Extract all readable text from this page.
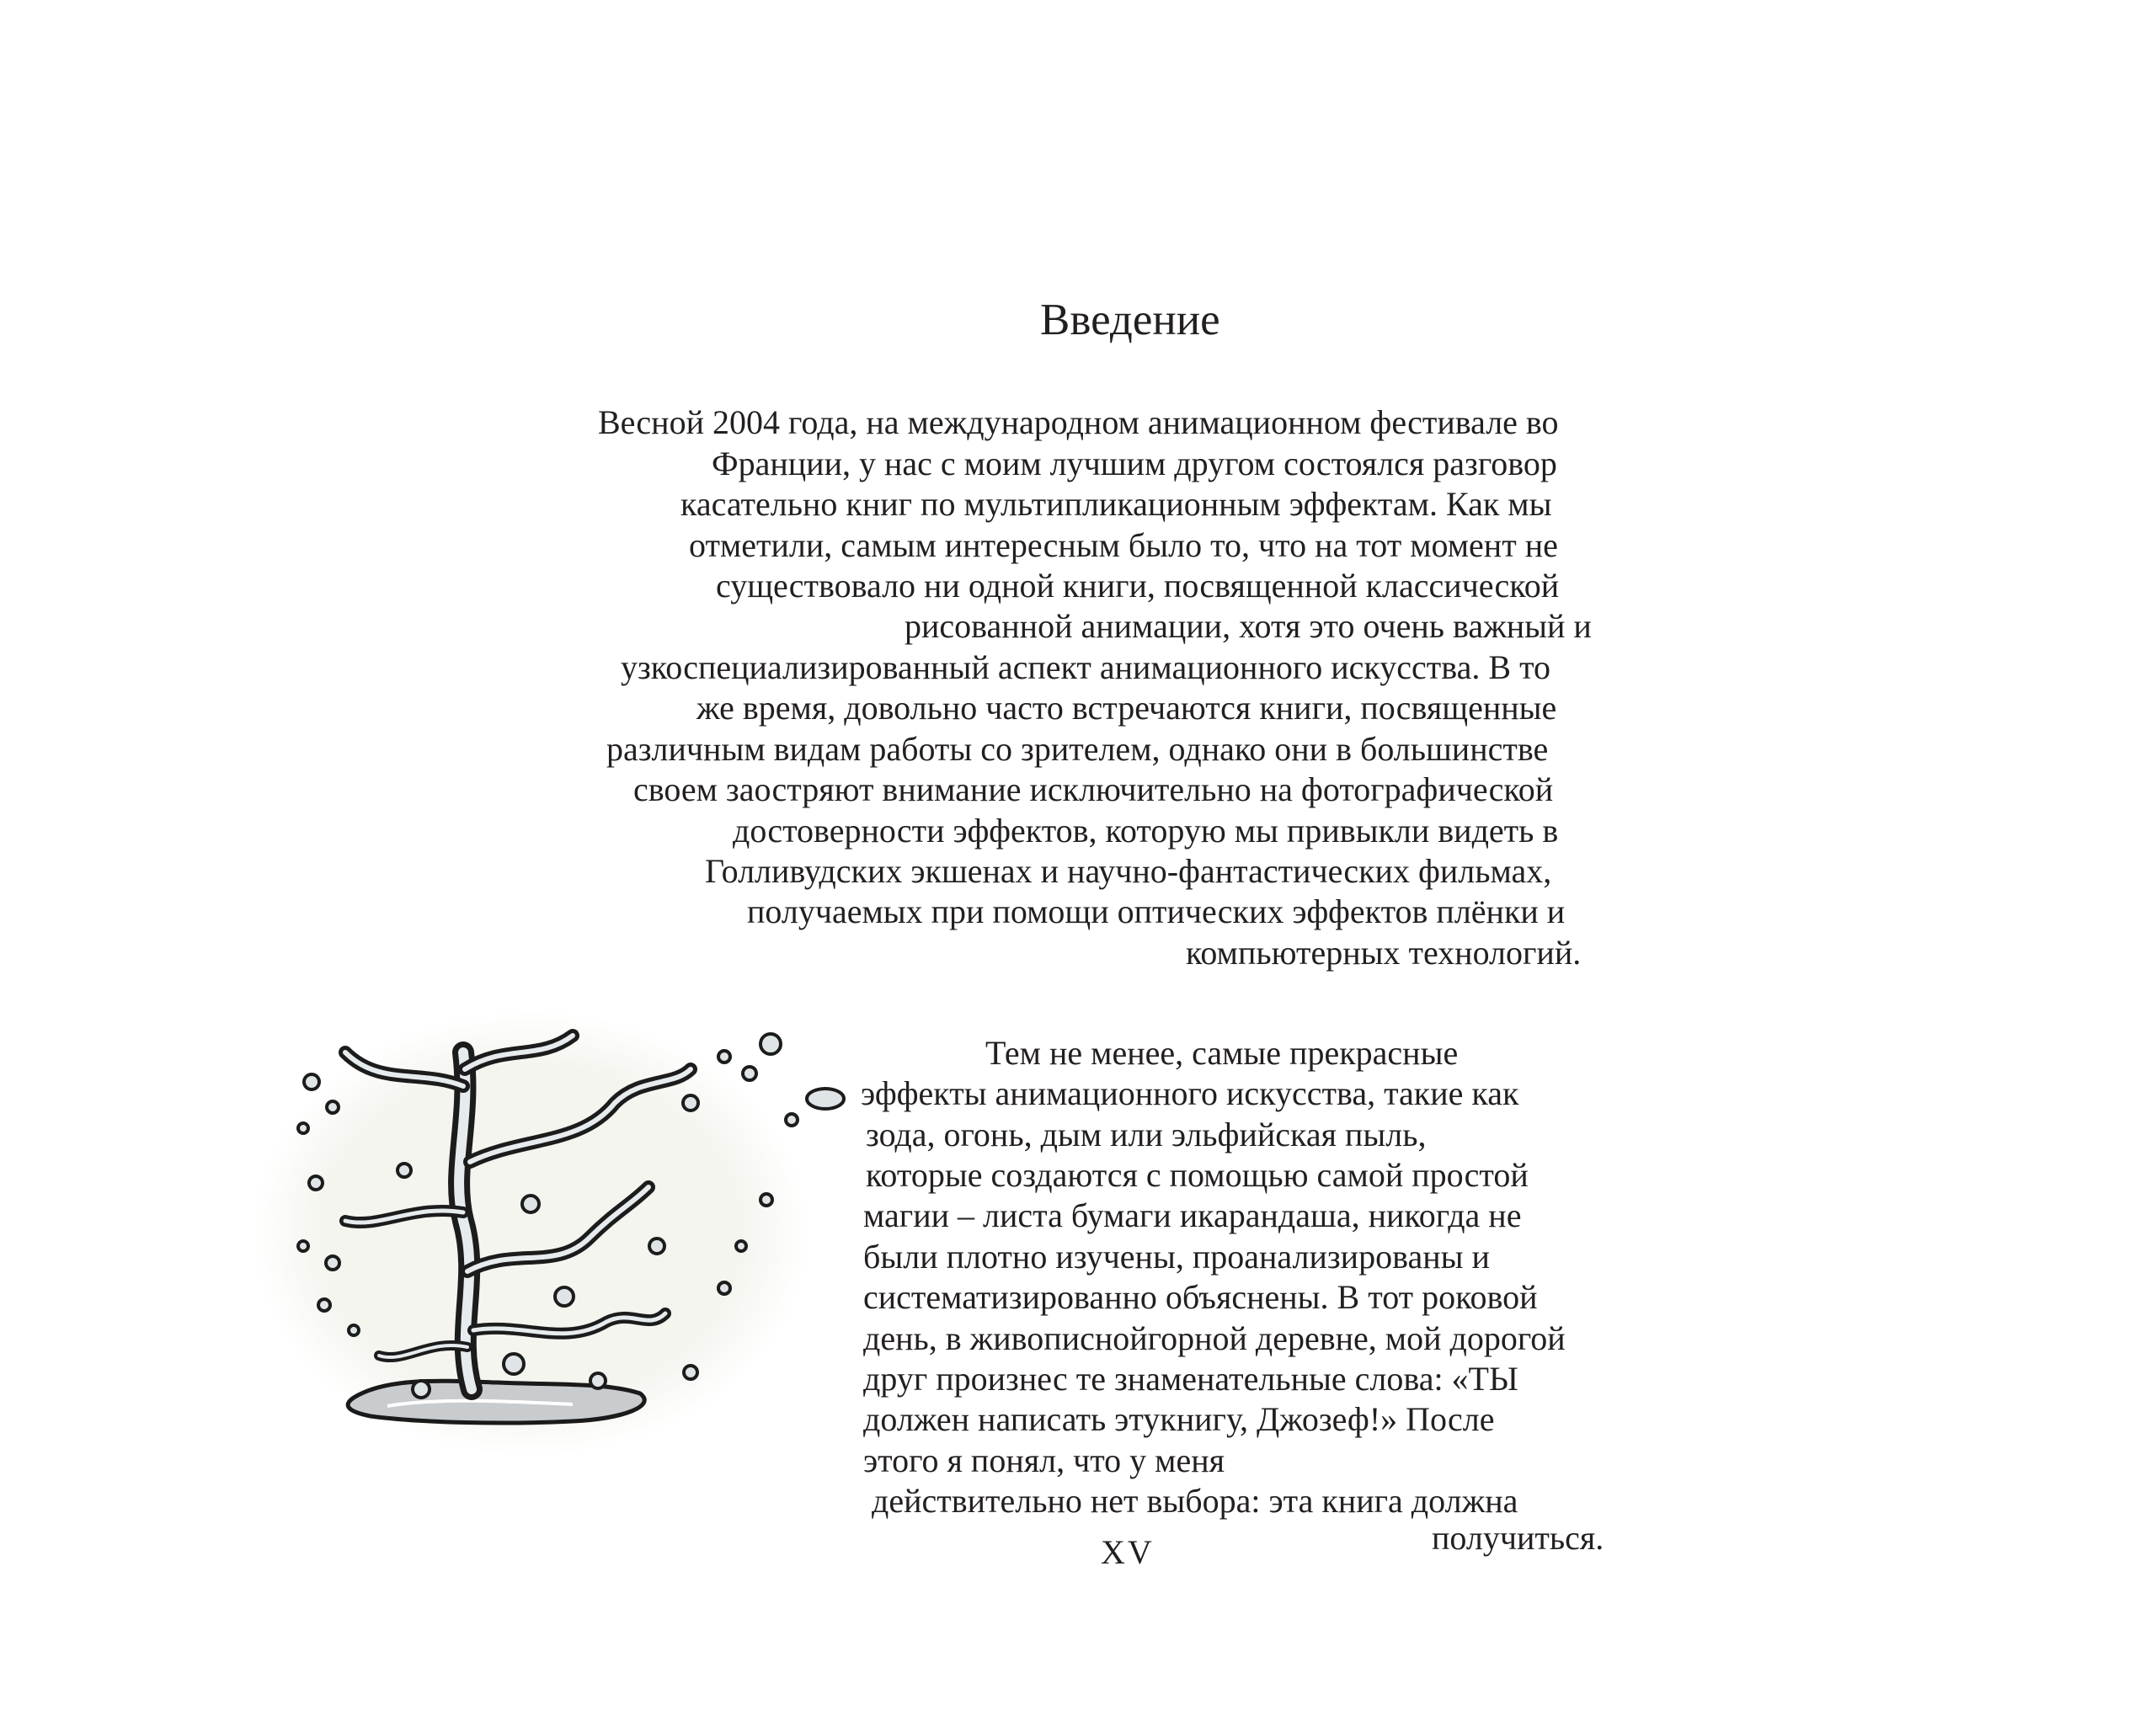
Введение
Весной 2004 года, на международном анимационном фестивале во
Франции, у нас с моим лучшим другом состоялся разговор
касательно книг по мультипликационным эффектам. Как мы
отметили, самым интересным было то, что на тот момент не
существовало ни одной книги, посвященной классической
рисованной анимации, хотя это очень важный и
узкоспециализированный аспект анимационного искусства. В то
же время, довольно часто встречаются книги, посвященные
различным видам работы со зрителем, однако они в большинстве
своем заостряют внимание исключительно на фотографической
достоверности эффектов, которую мы привыкли видеть в
Голливудских экшенах и научно-фантастических фильмах,
получаемых при помощи оптических эффектов плёнки и
компьютерных технологий.
Тем не менее, самые прекрасные
эффекты анимационного искусства, такие как
зода, огонь, дым или эльфийская пыль,
которые создаются с помощью самой простой
магии – листа бумаги икарандаша, никогда не
были плотно изучены, проанализированы и
систематизированно объяснены. В тот роковой
день, в живописнойгорной деревне, мой дорогой
друг произнес те знаменательные слова: «ТЫ
должен написать этукнигу, Джозеф!» После
этого я понял, что у меня
действительно нет выбора: эта книга должна
получиться.
XV
